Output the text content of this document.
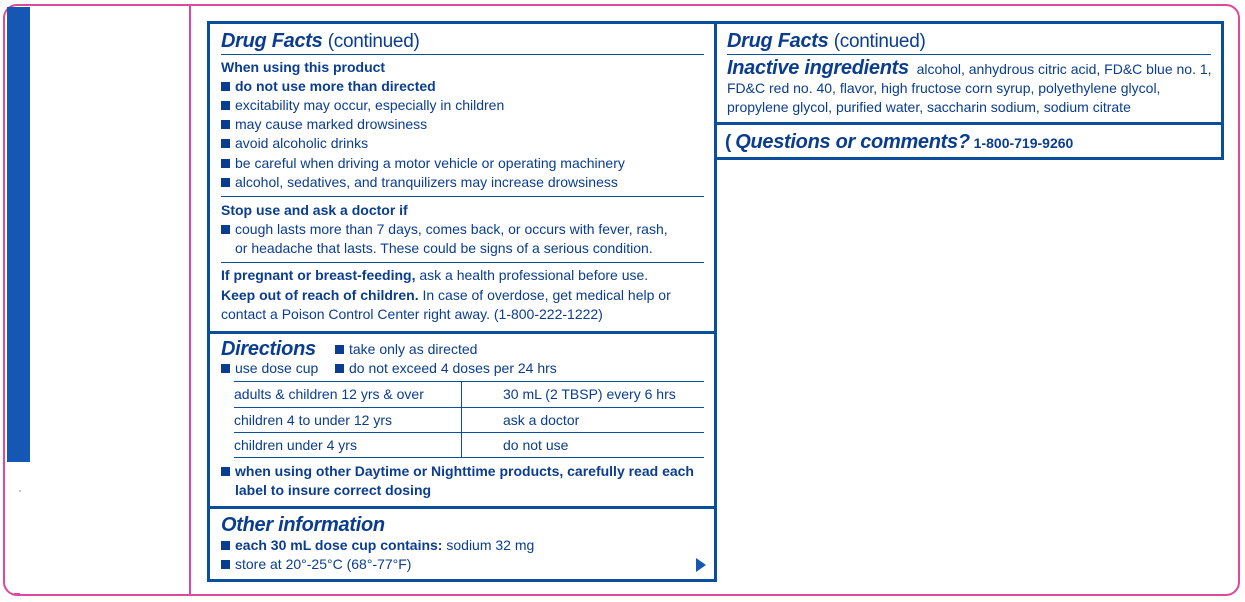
Drug Facts (continued)
When using this product
do not use more than directed
excitability may occur, especially in children
may cause marked drowsiness
avoid alcoholic drinks
be careful when driving a motor vehicle or operating machinery
alcohol, sedatives, and tranquilizers may increase drowsiness
Stop use and ask a doctor if
cough lasts more than 7 days, comes back, or occurs with fever, rash,
or headache that lasts. These could be signs of a serious condition.
If pregnant or breast-feeding, ask a health professional before use.
Keep out of reach of children. In case of overdose, get medical help or
contact a Poison Control Center right away. (1-800-222-1222)
Directions	take only as directed
use dose cup	do not exceed 4 doses per 24 hrs
adults & children 12 yrs & over	30 mL (2 TBSP) every 6 hrs
children 4 to under 12 yrs	ask a doctor
children under 4 yrs	do not use
when using other Daytime or Nighttime products, carefully read each
label to insure correct dosing
Other information
each 30 mL dose cup contains: sodium 32 mg
store at 20°-25°C (68°-77°F)
Drug Facts (continued)
Inactive ingredients alcohol, anhydrous citric acid, FD&C blue no. 1,
FD&C red no. 40, flavor, high fructose corn syrup, polyethylene glycol,
propylene glycol, purified water, saccharin sodium, sodium citrate
( Questions or comments? 1-800-719-9260
